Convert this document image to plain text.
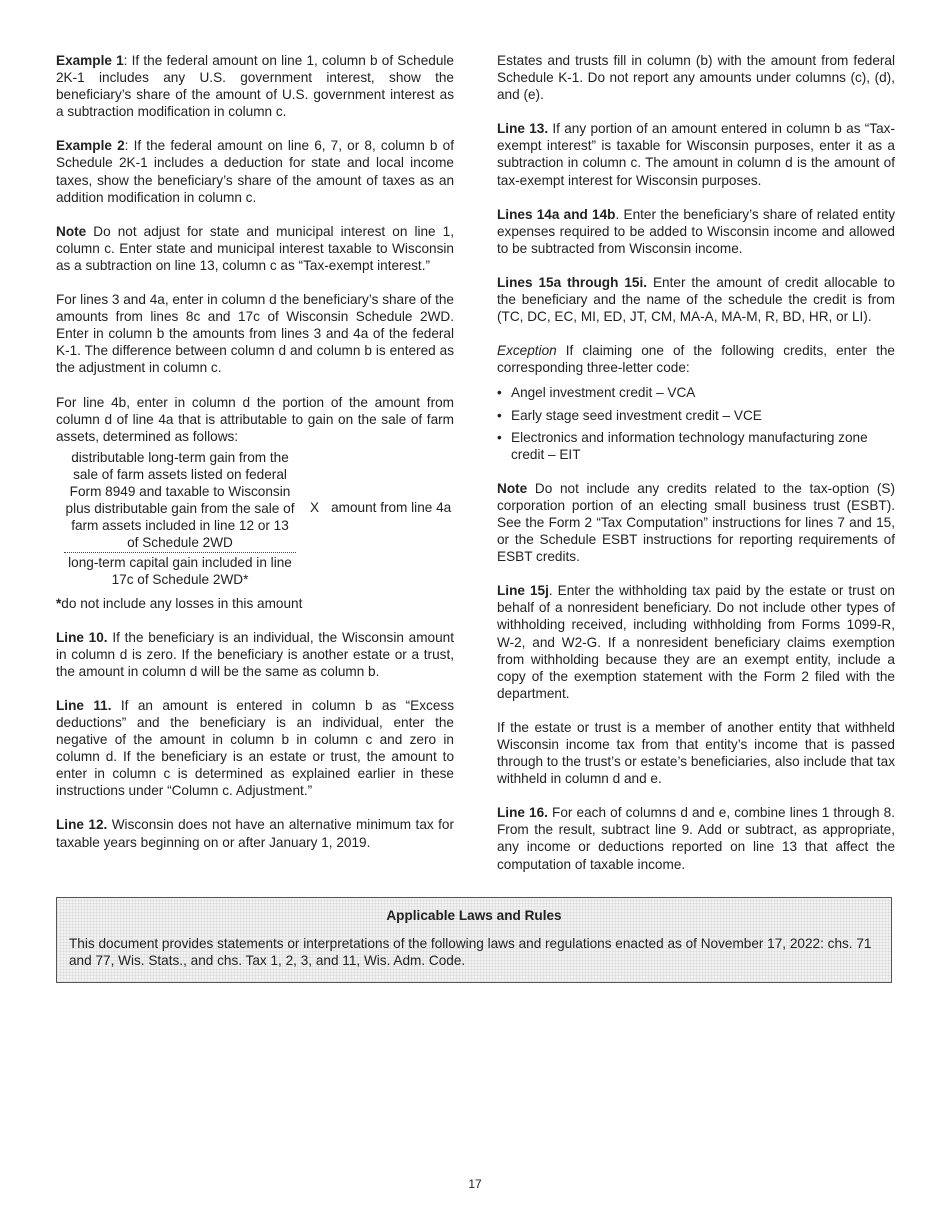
Example 1: If the federal amount on line 1, column b of Schedule 2K-1 includes any U.S. government interest, show the beneficiary’s share of the amount of U.S. government interest as a subtraction modification in column c.

Example 2: If the federal amount on line 6, 7, or 8, column b of Schedule 2K-1 includes a deduction for state and local income taxes, show the beneficiary’s share of the amount of taxes as an addition modification in column c.

Note Do not adjust for state and municipal interest on line 1, column c. Enter state and municipal interest taxable to Wisconsin as a subtraction on line 13, column c as “Tax-exempt interest.”

For lines 3 and 4a, enter in column d the beneficiary’s share of the amounts from lines 8c and 17c of Wisconsin Schedule 2WD. Enter in column b the amounts from lines 3 and 4a of the federal K-1. The difference between column d and column b is entered as the adjustment in column c.

For line 4b, enter in column d the portion of the amount from column d of line 4a that is attributable to gain on the sale of farm assets, determined as follows:

distributable long-term gain from the sale of farm assets listed on federal Form 8949 and taxable to Wisconsin plus distributable gain from the sale of farm assets included in line 12 or 13 of Schedule 2WD
long-term capital gain included in line 17c of Schedule 2WD*
X amount from line 4a

*do not include any losses in this amount

Line 10. If the beneficiary is an individual, the Wisconsin amount in column d is zero. If the beneficiary is another estate or a trust, the amount in column d will be the same as column b.

Line 11. If an amount is entered in column b as “Excess deductions” and the beneficiary is an individual, enter the negative of the amount in column b in column c and zero in column d. If the beneficiary is an estate or trust, the amount to enter in column c is determined as explained earlier in these instructions under “Column c. Adjustment.”

Line 12. Wisconsin does not have an alternative minimum tax for taxable years beginning on or after January 1, 2019.

Estates and trusts fill in column (b) with the amount from federal Schedule K-1. Do not report any amounts under columns (c), (d), and (e).

Line 13. If any portion of an amount entered in column b as “Tax-exempt interest” is taxable for Wisconsin purposes, enter it as a subtraction in column c. The amount in column d is the amount of tax-exempt interest for Wisconsin purposes.

Lines 14a and 14b. Enter the beneficiary’s share of related entity expenses required to be added to Wisconsin income and allowed to be subtracted from Wisconsin income.

Lines 15a through 15i. Enter the amount of credit allocable to the beneficiary and the name of the schedule the credit is from (TC, DC, EC, MI, ED, JT, CM, MA-A, MA-M, R, BD, HR, or LI).

Exception If claiming one of the following credits, enter the corresponding three-letter code:

• Angel investment credit – VCA
• Early stage seed investment credit – VCE
• Electronics and information technology manufacturing zone credit – EIT

Note Do not include any credits related to the tax-option (S) corporation portion of an electing small business trust (ESBT). See the Form 2 “Tax Computation” instructions for lines 7 and 15, or the Schedule ESBT instructions for reporting requirements of ESBT credits.

Line 15j. Enter the withholding tax paid by the estate or trust on behalf of a nonresident beneficiary. Do not include other types of withholding received, including withholding from Forms 1099-R, W-2, and W2-G. If a nonresident beneficiary claims exemption from withholding because they are an exempt entity, include a copy of the exemption statement with the Form 2 filed with the department.

If the estate or trust is a member of another entity that withheld Wisconsin income tax from that entity’s income that is passed through to the trust’s or estate’s beneficiaries, also include that tax withheld in column d and e.

Line 16. For each of columns d and e, combine lines 1 through 8. From the result, subtract line 9. Add or subtract, as appropriate, any income or deductions reported on line 13 that affect the computation of taxable income.

Applicable Laws and Rules
This document provides statements or interpretations of the following laws and regulations enacted as of November 17, 2022: chs. 71 and 77, Wis. Stats., and chs. Tax 1, 2, 3, and 11, Wis. Adm. Code.
17
